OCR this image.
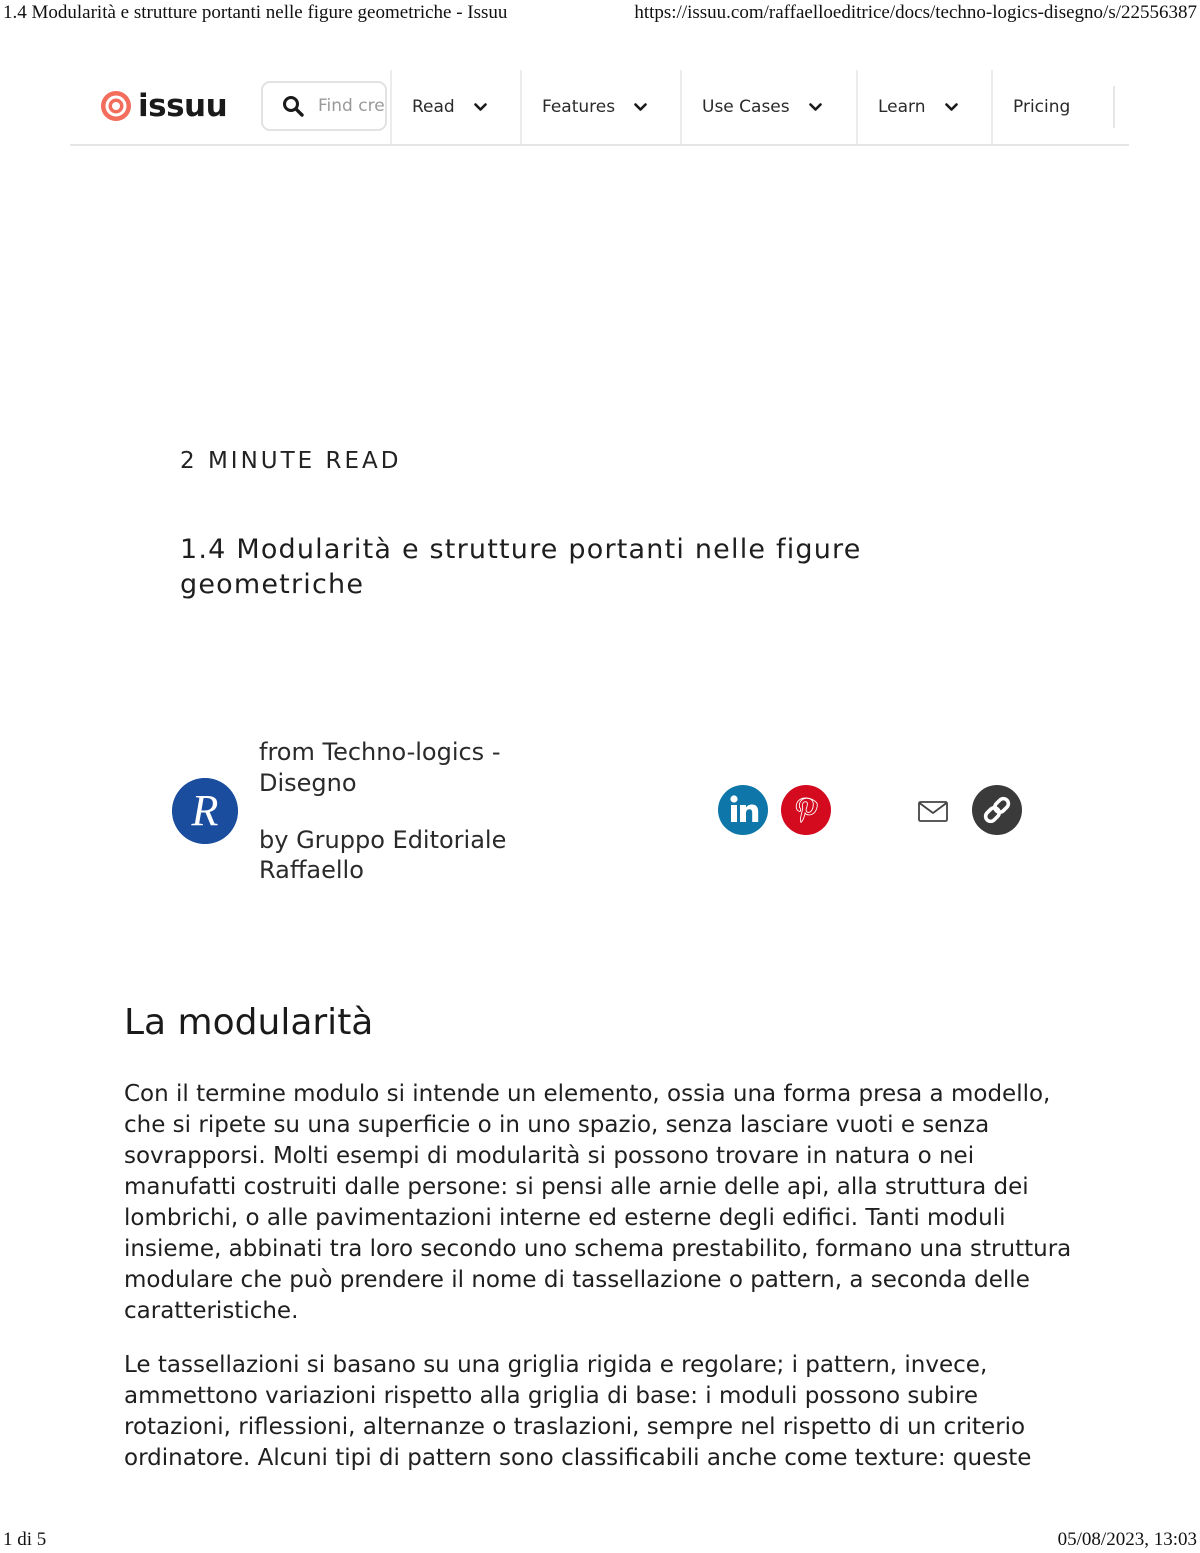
1.4 Modularità e strutture portanti nelle figure geometriche - Issuu	https://issuu.com/raffaelloeditrice/docs/techno-logics-disegno/s/22556387
issuu
Find creators, topics, and publications	Read	Features	Use Cases	Learn	Pricing
2 MINUTE READ
1.4 Modularità e strutture portanti nelle figure geometriche
R

from Techno-logics - Disegno

by Gruppo Editoriale Raffaello

La modularità

Con il termine modulo si intende un elemento, ossia una forma presa a modello, che si ripete su una superficie o in uno spazio, senza lasciare vuoti e senza sovrapporsi. Molti esempi di modularità si possono trovare in natura o nei manufatti costruiti dalle persone: si pensi alle arnie delle api, alla struttura dei lombrichi, o alle pavimentazioni interne ed esterne degli edifici. Tanti moduli insieme, abbinati tra loro secondo uno schema prestabilito, formano una struttura modulare che può prendere il nome di tassellazione o pattern, a seconda delle caratteristiche.

Le tassellazioni si basano su una griglia rigida e regolare; i pattern, invece, ammettono variazioni rispetto alla griglia di base: i moduli possono subire rotazioni, riflessioni, alternanze o traslazioni, sempre nel rispetto di un criterio ordinatore. Alcuni tipi di pattern sono classificabili anche come texture: queste

1 di 5	05/08/2023, 13:03
